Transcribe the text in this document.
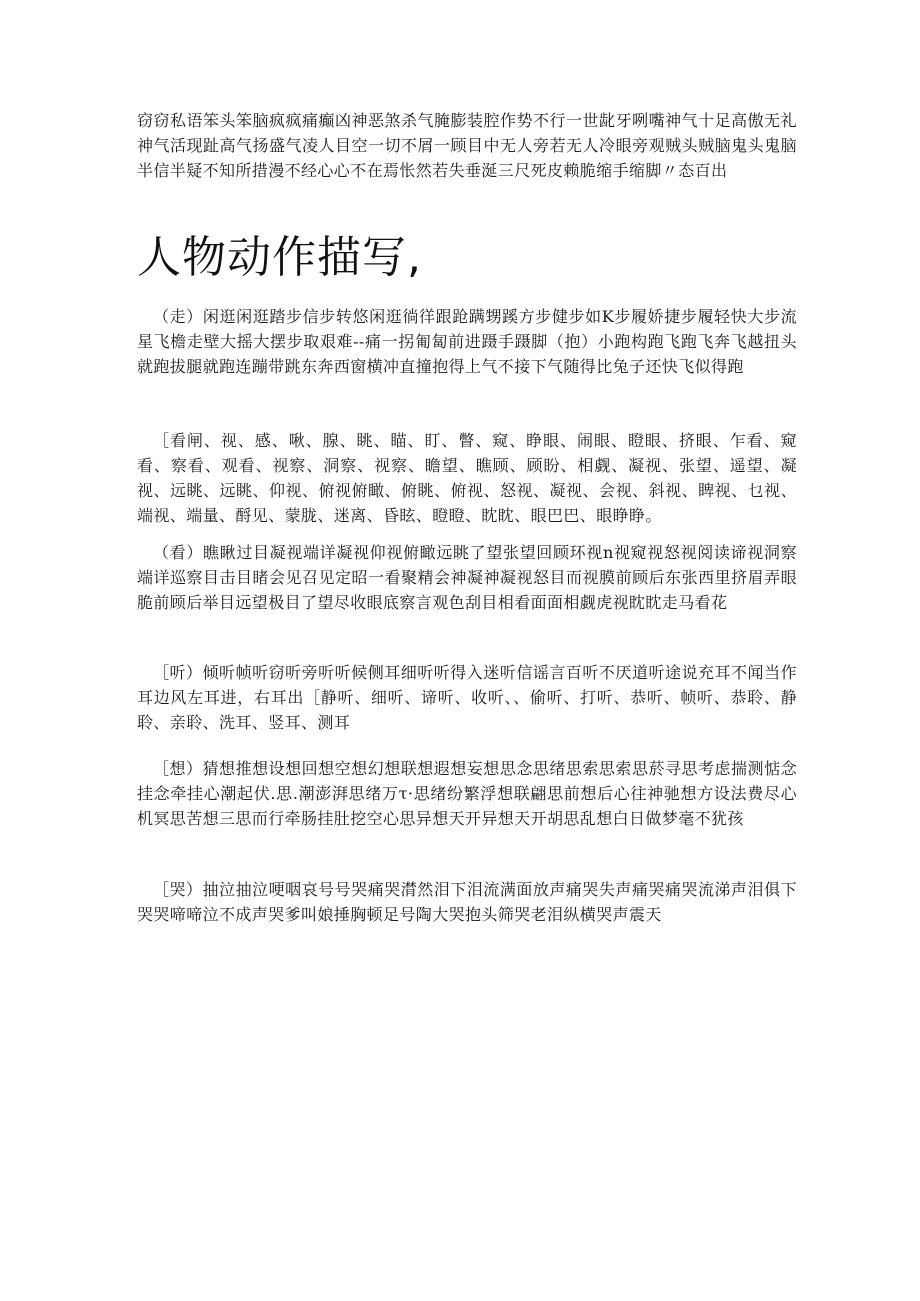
窃窃私语笨头笨脑疯疯痛癫凶神恶煞杀气腌膨装腔作势不行一世龀牙咧嘴神气十足高傲无礼神气活现趾高气扬盛气凌人目空一切不屑一顾目中无人旁若无人冷眼旁观贼头贼脑鬼头鬼脑半信半疑不知所措漫不经心心不在焉怅然若失垂涎三尺死皮赖脆缩手缩脚〃态百出

人物动作描写,

（走）闲逛闲逛踏步信步转悠闲逛徜徉跟跄蹒甥蹊方步健步如K步履娇捷步履轻快大步流星飞檐走壁大摇大摆步取艰难--痛一拐匍匐前进蹑手蹑脚（抱）小跑构跑飞跑飞奔飞越扭头就跑拔腿就跑连蹦带跳东奔西窗横冲直撞抱得上气不接下气随得比兔子还快飞似得跑

［看闸、视、感、啾、腺、眺、瞄、盯、瞥、窥、睁眼、闹眼、瞪眼、挤眼、乍看、窥看、察看、观看、视察、洞察、视察、瞻望、瞧顾、顾盼、相觑、凝视、张望、遥望、凝视、远眺、远眺、仰视、俯视俯瞰、俯眺、俯视、怒视、凝视、会视、斜视、睥视、乜视、端视、端量、酹见、蒙胧、迷离、昏眩、瞪瞪、眈眈、眼巴巴、眼睁睁。

（看）瞧瞅过目凝视端详凝视仰视俯瞰远眺了望张望回顾环视n视窥视怒视阅读谛视洞察端详巡察目击目睹会见召见定昭一看聚精会神凝神凝视怒目而视膜前顾后东张西里挤眉弄眼脆前顾后举目远望极目了望尽收眼底察言观色刮目相看面面相觑虎视眈眈走马看花

［听）倾听帧听窃听旁听听候侧耳细听听得入迷听信谣言百听不厌道听途说充耳不闻当作耳边风左耳进，右耳出［静听、细听、谛听、收听、、偷听、打听、恭听、帧听、恭聆、静聆、亲聆、洗耳、竖耳、测耳

［想）猜想推想设想回想空想幻想联想遐想妄想思念思绪思索思索思菸寻思考虑揣测惦念挂念牵挂心潮起伏.思.潮澎湃思绪万τ·思绪纷繁浮想联翩思前想后心往神驰想方设法费尽心机冥思苦想三思而行牵肠挂肚挖空心思异想天开异想天开胡思乱想白日做梦毫不犹孩

［哭）抽泣抽泣哽咽哀号号哭痛哭潸然泪下泪流满面放声痛哭失声痛哭痛哭流涕声泪俱下哭哭啼啼泣不成声哭爹叫娘捶胸顿足号陶大哭抱头筛哭老泪纵横哭声震天
